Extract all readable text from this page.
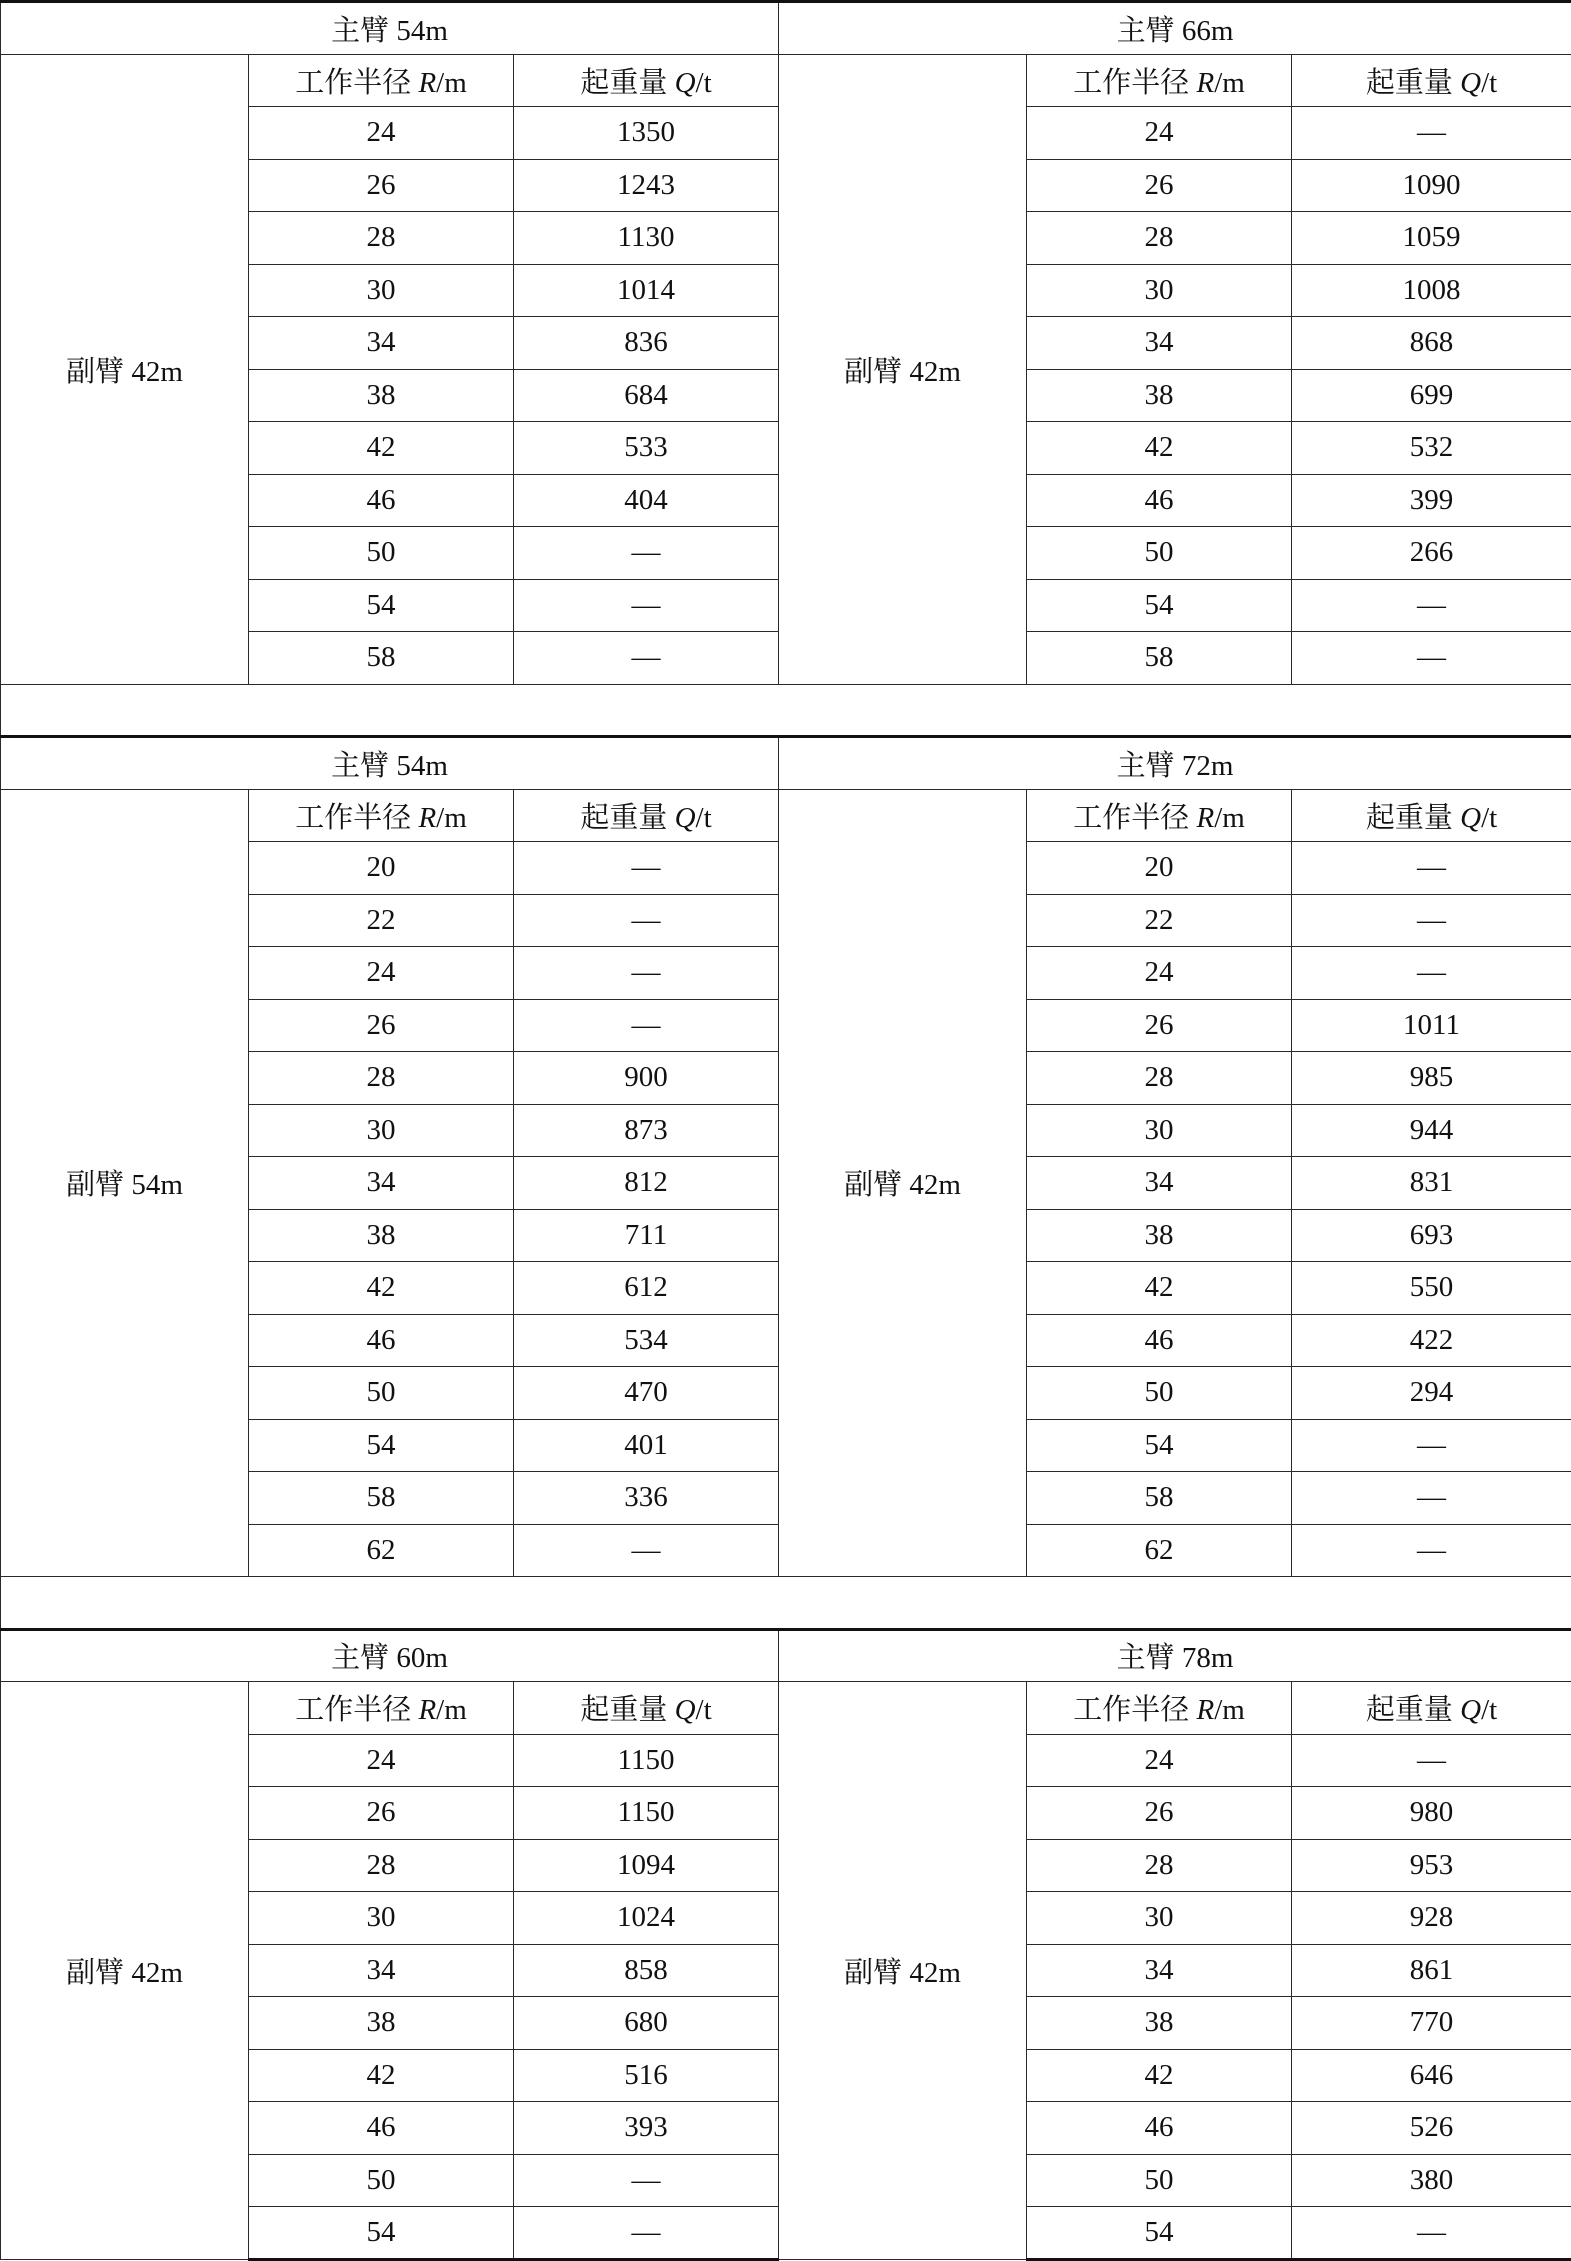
主臂 54m			主臂 66m		
副臂 42m	工作半径 R/m	起重量 Q/t	副臂 42m	工作半径 R/m	起重量 Q/t
	24	1350		24	—
	26	1243		26	1090
	28	1130		28	1059
	30	1014		30	1008
	34	836		34	868
	38	684		38	699
	42	533		42	532
	46	404		46	399
	50	—		50	266
	54	—		54	—
	58	—		58	—

主臂 54m			主臂 72m		
副臂 54m	工作半径 R/m	起重量 Q/t	副臂 42m	工作半径 R/m	起重量 Q/t
	20	—		20	—
	22	—		22	—
	24	—		24	—
	26	—		26	1011
	28	900		28	985
	30	873		30	944
	34	812		34	831
	38	711		38	693
	42	612		42	550
	46	534		46	422
	50	470		50	294
	54	401		54	—
	58	336		58	—
	62	—		62	—

主臂 60m			主臂 78m		
副臂 42m	工作半径 R/m	起重量 Q/t	副臂 42m	工作半径 R/m	起重量 Q/t
	24	1150		24	—
	26	1150		26	980
	28	1094		28	953
	30	1024		30	928
	34	858		34	861
	38	680		38	770
	42	516		42	646
	46	393		46	526
	50	—		50	380
	54	—		54	—
